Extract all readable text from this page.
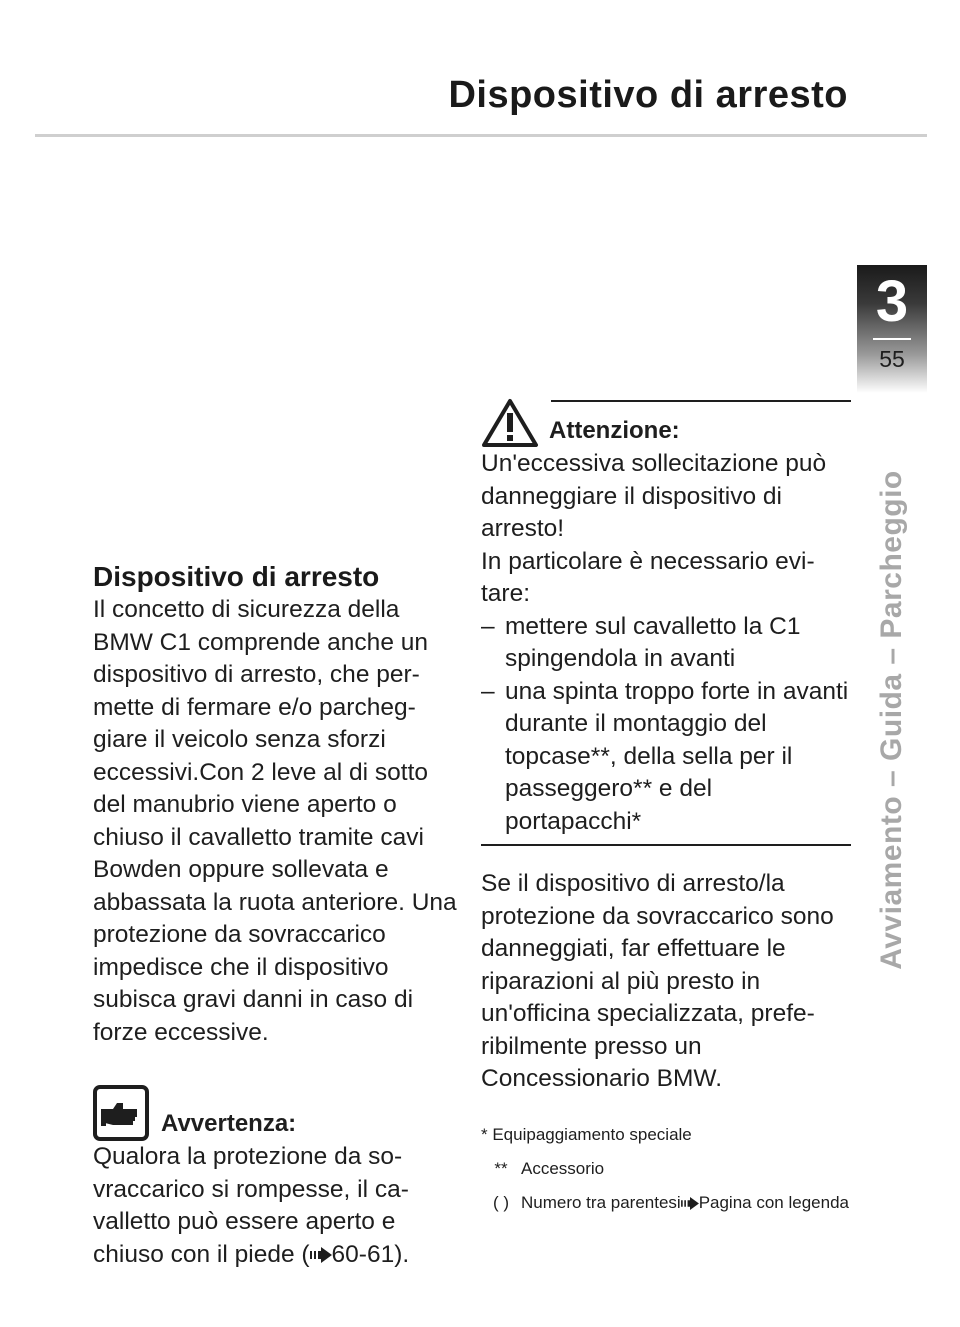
Dispositivo di arresto
3
55
Avviamento – Guida – Parcheggio
Dispositivo di arresto

Il concetto di sicurezza della BMW C1 comprende anche un dispositivo di arresto, che per-mette di fermare e/o parcheg-giare il veicolo senza sforzi eccessivi.Con 2 leve al di sotto del manubrio viene aperto o chiuso il cavalletto tramite cavi Bowden oppure sollevata e abbassata la ruota anteriore. Una protezione da sovraccarico impedisce che il dispositivo subisca gravi danni in caso di forze eccessive.

Avvertenza:

Qualora la protezione da so-vraccarico si rompesse, il ca-valletto può essere aperto e chiuso con il piede ( 60-61).

Attenzione:

Un'eccessiva sollecitazione può danneggiare il dispositivo di arresto!

In particolare è necessario evi-tare:

– mettere sul cavalletto la C1 spingendola in avanti
– una spinta troppo forte in avanti durante il montaggio del topcase**, della sella per il passeggero** e del portapacchi*

Se il dispositivo di arresto/la protezione da sovraccarico sono danneggiati, far effettuare le riparazioni al più presto in un'officina specializzata, prefe-ribilmente presso un Concessionario BMW.

* Equipaggiamento speciale
** Accessorio
( ) Numero tra parentesi Pagina con legenda
